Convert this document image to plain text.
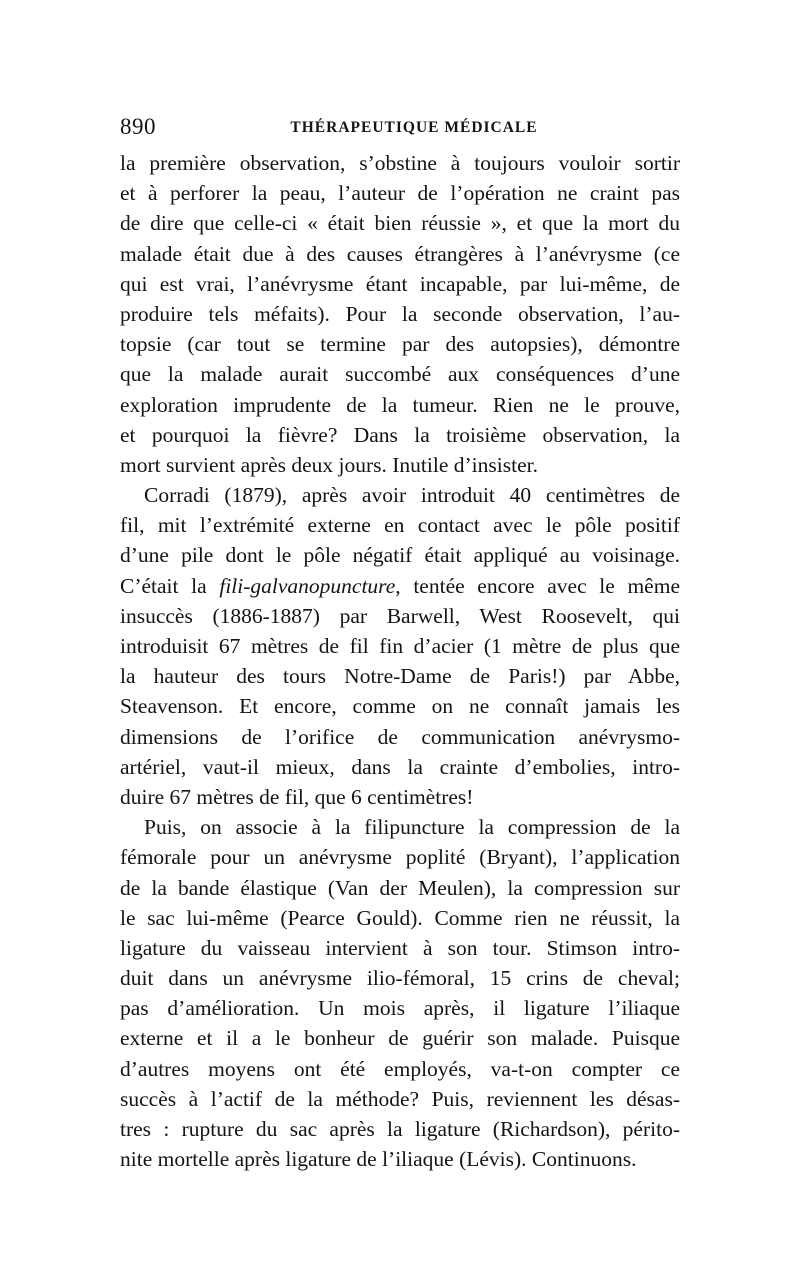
890	THÉRAPEUTIQUE MÉDICALE
la première observation, s’obstine à toujours vouloir sortir
et à perforer la peau, l’auteur de l’opération ne craint pas
de dire que celle-ci « était bien réussie », et que la mort du
malade était due à des causes étrangères à l’anévrysme (ce
qui est vrai, l’anévrysme étant incapable, par lui-même, de
produire tels méfaits). Pour la seconde observation, l’au-
topsie (car tout se termine par des autopsies), démontre
que la malade aurait succombé aux conséquences d’une
exploration imprudente de la tumeur. Rien ne le prouve,
et pourquoi la fièvre? Dans la troisième observation, la
mort survient après deux jours. Inutile d’insister.
Corradi (1879), après avoir introduit 40 centimètres de
fil, mit l’extrémité externe en contact avec le pôle positif
d’une pile dont le pôle négatif était appliqué au voisinage.
C’était la fili-galvanopuncture, tentée encore avec le même
insuccès (1886-1887) par Barwell, West Roosevelt, qui
introduisit 67 mètres de fil fin d’acier (1 mètre de plus que
la hauteur des tours Notre-Dame de Paris!) par Abbe,
Steavenson. Et encore, comme on ne connaît jamais les
dimensions de l’orifice de communication anévrysmo-
artériel, vaut-il mieux, dans la crainte d’embolies, intro-
duire 67 mètres de fil, que 6 centimètres!
Puis, on associe à la filipuncture la compression de la
fémorale pour un anévrysme poplité (Bryant), l’application
de la bande élastique (Van der Meulen), la compression sur
le sac lui-même (Pearce Gould). Comme rien ne réussit, la
ligature du vaisseau intervient à son tour. Stimson intro-
duit dans un anévrysme ilio-fémoral, 15 crins de cheval;
pas d’amélioration. Un mois après, il ligature l’iliaque
externe et il a le bonheur de guérir son malade. Puisque
d’autres moyens ont été employés, va-t-on compter ce
succès à l’actif de la méthode? Puis, reviennent les désas-
tres : rupture du sac après la ligature (Richardson), périto-
nite mortelle après ligature de l’iliaque (Lévis). Continuons.
